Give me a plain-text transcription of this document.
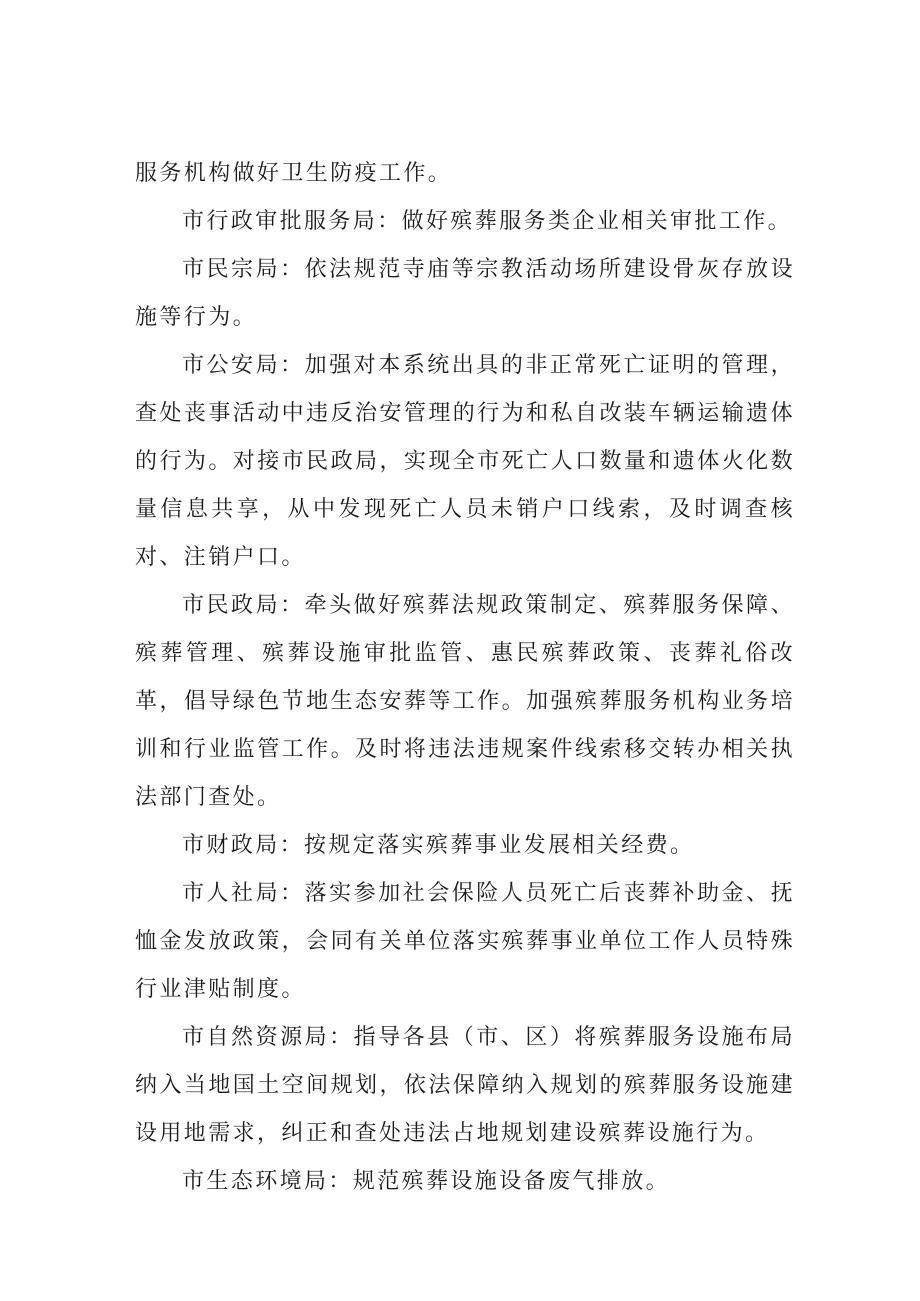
服务机构做好卫生防疫工作。

市行政审批服务局：做好殡葬服务类企业相关审批工作。

市民宗局：依法规范寺庙等宗教活动场所建设骨灰存放设施等行为。

市公安局：加强对本系统出具的非正常死亡证明的管理，查处丧事活动中违反治安管理的行为和私自改装车辆运输遗体的行为。对接市民政局，实现全市死亡人口数量和遗体火化数量信息共享，从中发现死亡人员未销户口线索，及时调查核对、注销户口。

市民政局：牵头做好殡葬法规政策制定、殡葬服务保障、殡葬管理、殡葬设施审批监管、惠民殡葬政策、丧葬礼俗改革，倡导绿色节地生态安葬等工作。加强殡葬服务机构业务培训和行业监管工作。及时将违法违规案件线索移交转办相关执法部门查处。

市财政局：按规定落实殡葬事业发展相关经费。

市人社局：落实参加社会保险人员死亡后丧葬补助金、抚恤金发放政策，会同有关单位落实殡葬事业单位工作人员特殊行业津贴制度。

市自然资源局：指导各县（市、区）将殡葬服务设施布局纳入当地国土空间规划，依法保障纳入规划的殡葬服务设施建设用地需求，纠正和查处违法占地规划建设殡葬设施行为。

市生态环境局：规范殡葬设施设备废气排放。
